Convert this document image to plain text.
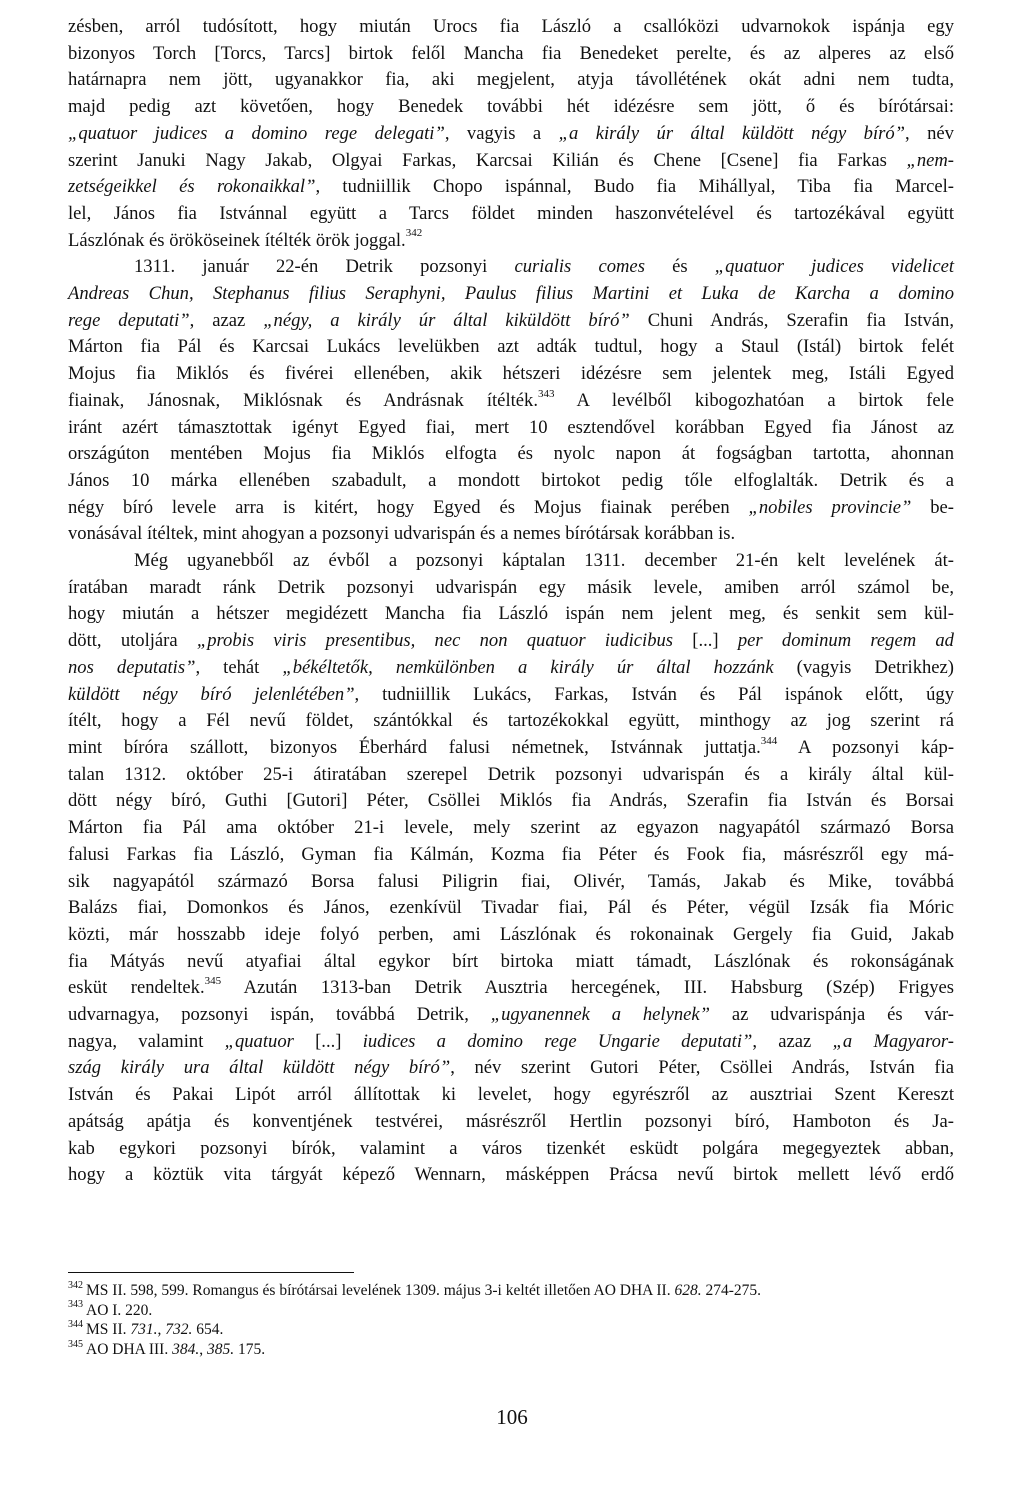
zésben, arról tudósított, hogy miután Urocs fia László a csallóközi udvarnokok ispánja egy
bizonyos Torch [Torcs, Tarcs] birtok felől Mancha fia Benedeket perelte, és az alperes az első
határnapra nem jött, ugyanakkor fia, aki megjelent, atyja távollétének okát adni nem tudta,
majd pedig azt követően, hogy Benedek további hét idézésre sem jött, ő és bírótársai:
„quatuor judices a domino rege delegati”, vagyis a „a király úr által küldött négy bíró”, név
szerint Januki Nagy Jakab, Olgyai Farkas, Karcsai Kilián és Chene [Csene] fia Farkas „nem-
zetségeikkel és rokonaikkal”, tudniillik Chopo ispánnal, Budo fia Mihállyal, Tiba fia Marcel-
lel, János fia Istvánnal együtt a Tarcs földet minden haszonvételével és tartozékával együtt
Lászlónak és örököseinek ítélték örök joggal.$^{342}$
1311. január 22-én Detrik pozsonyi curialis comes és „quatuor judices videlicet
Andreas Chun, Stephanus filius Seraphyni, Paulus filius Martini et Luka de Karcha a domino
rege deputati”, azaz „négy, a király úr által kiküldött bíró” Chuni András, Szerafin fia István,
Márton fia Pál és Karcsai Lukács levelükben azt adták tudtul, hogy a Staul (Istál) birtok felét
Mojus fia Miklós és fivérei ellenében, akik hétszeri idézésre sem jelentek meg, Istáli Egyed
fiainak, Jánosnak, Miklósnak és Andrásnak ítélték.$^{343}$ A levélből kibogozhatóan a birtok fele
iránt azért támasztottak igényt Egyed fiai, mert 10 esztendővel korábban Egyed fia Jánost az
országúton mentében Mojus fia Miklós elfogta és nyolc napon át fogságban tartotta, ahonnan
János 10 márka ellenében szabadult, a mondott birtokot pedig tőle elfoglalták. Detrik és a
négy bíró levele arra is kitért, hogy Egyed és Mojus fiainak perében „nobiles provincie” be-
vonásával ítéltek, mint ahogyan a pozsonyi udvarispán és a nemes bírótársak korábban is.
Még ugyanebből az évből a pozsonyi káptalan 1311. december 21-én kelt levelének át-
íratában maradt ránk Detrik pozsonyi udvarispán egy másik levele, amiben arról számol be,
hogy miután a hétszer megidézett Mancha fia László ispán nem jelent meg, és senkit sem kül-
dött, utoljára „probis viris presentibus, nec non quatuor iudicibus [...] per dominum regem ad
nos deputatis”, tehát „békéltetők, nemkülönben a király úr által hozzánk (vagyis Detrikhez)
küldött négy bíró jelenlétében”, tudniillik Lukács, Farkas, István és Pál ispánok előtt, úgy
ítélt, hogy a Fél nevű földet, szántókkal és tartozékokkal együtt, minthogy az jog szerint rá
mint bíróra szállott, bizonyos Éberhárd falusi németnek, Istvánnak juttatja.$^{344}$ A pozsonyi káp-
talan 1312. október 25-i átiratában szerepel Detrik pozsonyi udvarispán és a király által kül-
dött négy bíró, Guthi [Gutori] Péter, Csöllei Miklós fia András, Szerafin fia István és Borsai
Márton fia Pál ama október 21-i levele, mely szerint az egyazon nagyapától származó Borsa
falusi Farkas fia László, Gyman fia Kálmán, Kozma fia Péter és Fook fia, másrészről egy má-
sik nagyapától származó Borsa falusi Piligrin fiai, Olivér, Tamás, Jakab és Mike, továbbá
Balázs fiai, Domonkos és János, ezenkívül Tivadar fiai, Pál és Péter, végül Izsák fia Móric
közti, már hosszabb ideje folyó perben, ami Lászlónak és rokonainak Gergely fia Guid, Jakab
fia Mátyás nevű atyafiai által egykor bírt birtoka miatt támadt, Lászlónak és rokonságának
esküt rendeltek.$^{345}$ Azután 1313-ban Detrik Ausztria hercegének, III. Habsburg (Szép) Frigyes
udvarnagya, pozsonyi ispán, továbbá Detrik, „ugyanennek a helynek” az udvarispánja és vár-
nagya, valamint „quatuor [...] iudices a domino rege Ungarie deputati”, azaz „a Magyaror-
szág király ura által küldött négy bíró”, név szerint Gutori Péter, Csöllei András, István fia
István és Pakai Lipót arról állítottak ki levelet, hogy egyrészről az ausztriai Szent Kereszt
apátság apátja és konventjének testvérei, másrészről Hertlin pozsonyi bíró, Hamboton és Ja-
kab egykori pozsonyi bírók, valamint a város tizenkét esküdt polgára megegyeztek abban,
hogy a köztük vita tárgyát képező Wennarn, másképpen Prácsa nevű birtok mellett lévő erdő
$^{342}$ MS II. 598, 599. Romangus és bírótársai levelének 1309. május 3-i keltét illetően AO DHA II. 628. 274-275.
$^{343}$ AO I. 220.
$^{344}$ MS II. 731., 732. 654.
$^{345}$ AO DHA III. 384., 385. 175.
106
